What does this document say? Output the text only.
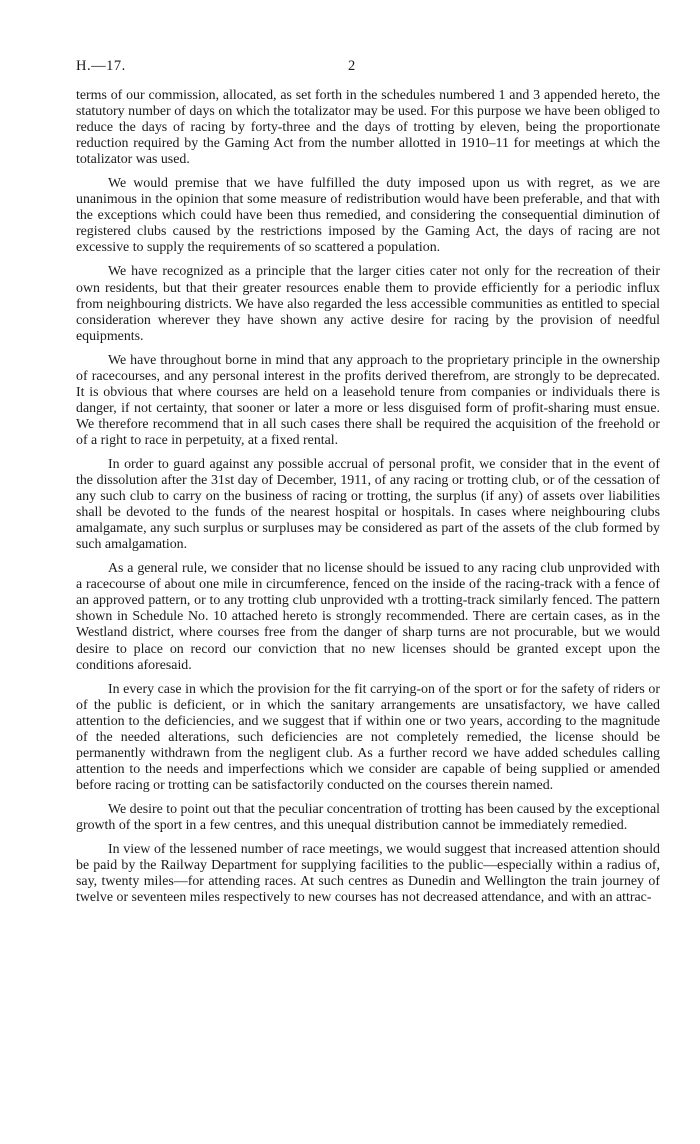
H.—17.	2

terms of our commission, allocated, as set forth in the schedules numbered 1 and 3 appended hereto, the statutory number of days on which the totalizator may be used. For this purpose we have been obliged to reduce the days of racing by forty-three and the days of trotting by eleven, being the proportionate reduction required by the Gaming Act from the number allotted in 1910–11 for meetings at which the totalizator was used.

We would premise that we have fulfilled the duty imposed upon us with regret, as we are unanimous in the opinion that some measure of redistribution would have been preferable, and that with the exceptions which could have been thus remedied, and considering the consequential diminution of registered clubs caused by the restrictions imposed by the Gaming Act, the days of racing are not excessive to supply the requirements of so scattered a population.

We have recognized as a principle that the larger cities cater not only for the recreation of their own residents, but that their greater resources enable them to provide efficiently for a periodic influx from neighbouring districts. We have also regarded the less accessible communities as entitled to special consideration wherever they have shown any active desire for racing by the provision of needful equipments.

We have throughout borne in mind that any approach to the proprietary principle in the ownership of racecourses, and any personal interest in the profits derived therefrom, are strongly to be deprecated. It is obvious that where courses are held on a leasehold tenure from companies or individuals there is danger, if not certainty, that sooner or later a more or less disguised form of profit-sharing must ensue. We therefore recommend that in all such cases there shall be required the acquisition of the freehold or of a right to race in perpetuity, at a fixed rental.

In order to guard against any possible accrual of personal profit, we consider that in the event of the dissolution after the 31st day of December, 1911, of any racing or trotting club, or of the cessation of any such club to carry on the business of racing or trotting, the surplus (if any) of assets over liabilities shall be devoted to the funds of the nearest hospital or hospitals. In cases where neighbouring clubs amalgamate, any such surplus or surpluses may be considered as part of the assets of the club formed by such amalgamation.

As a general rule, we consider that no license should be issued to any racing club unprovided with a racecourse of about one mile in circumference, fenced on the inside of the racing-track with a fence of an approved pattern, or to any trotting club unprovided wth a trotting-track similarly fenced. The pattern shown in Schedule No. 10 attached hereto is strongly recommended. There are certain cases, as in the Westland district, where courses free from the danger of sharp turns are not procurable, but we would desire to place on record our conviction that no new licenses should be granted except upon the conditions aforesaid.

In every case in which the provision for the fit carrying-on of the sport or for the safety of riders or of the public is deficient, or in which the sanitary arrangements are unsatisfactory, we have called attention to the deficiencies, and we suggest that if within one or two years, according to the magnitude of the needed alterations, such deficiencies are not completely remedied, the license should be permanently withdrawn from the negligent club. As a further record we have added schedules calling attention to the needs and imperfections which we consider are capable of being supplied or amended before racing or trotting can be satisfactorily conducted on the courses therein named.

We desire to point out that the peculiar concentration of trotting has been caused by the exceptional growth of the sport in a few centres, and this unequal distribution cannot be immediately remedied.

In view of the lessened number of race meetings, we would suggest that increased attention should be paid by the Railway Department for supplying facilities to the public—especially within a radius of, say, twenty miles—for attending races. At such centres as Dunedin and Wellington the train journey of twelve or seventeen miles respectively to new courses has not decreased attendance, and with an attrac-
